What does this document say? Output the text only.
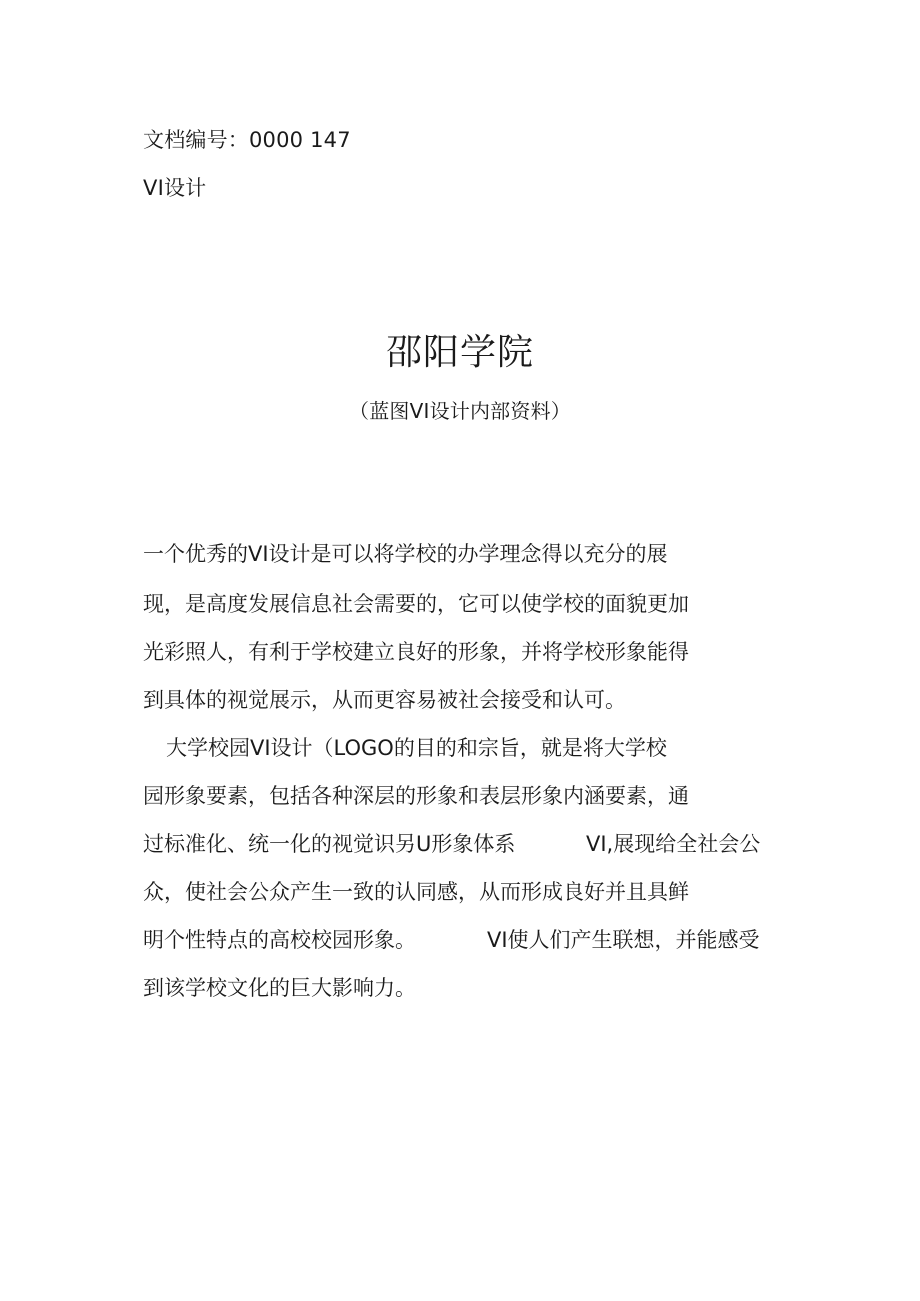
文档编号：0000 147
VI设计
邵阳学院
（蓝图VI设计内部资料）
一个优秀的VI设计是可以将学校的办学理念得以充分的展
现，是高度发展信息社会需要的，它可以使学校的面貌更加
光彩照人，有利于学校建立良好的形象，并将学校形象能得
到具体的视觉展示，从而更容易被社会接受和认可。
大学校园VI设计（LOGO的目的和宗旨，就是将大学校
园形象要素，包括各种深层的形象和表层形象内涵要素，通
过标准化、统一化的视觉识另U形象体系	VI,展现给全社会公
众，使社会公众产生一致的认同感，从而形成良好并且具鲜
明个性特点的高校校园形象。	VI使人们产生联想，并能感受
到该学校文化的巨大影响力。
